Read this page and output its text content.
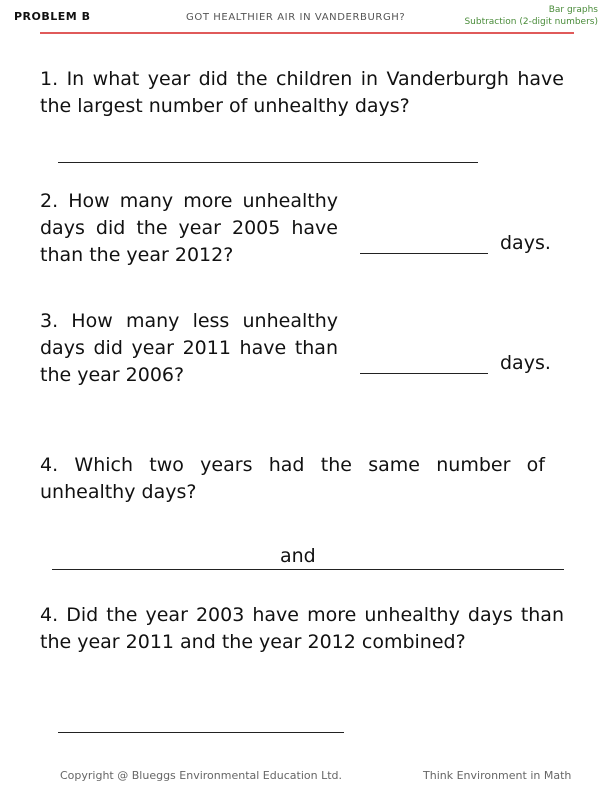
PROBLEM B	GOT HEALTHIER AIR IN VANDERBURGH?
Bar graphs
Subtraction (2-digit numbers)
1. In what year did the children in Vanderburgh have the largest number of unhealthy days?
2. How many more unhealthy days did the year 2005 have than the year 2012?
days.
3. How many less unhealthy days did year 2011 have than the year 2006?
days.
4. Which two years had the same number of unhealthy days?
and
4. Did the year 2003 have more unhealthy days than the year 2011 and the year 2012 combined?
Copyright @ Blueggs Environmental Education Ltd.	Think Environment in Math
